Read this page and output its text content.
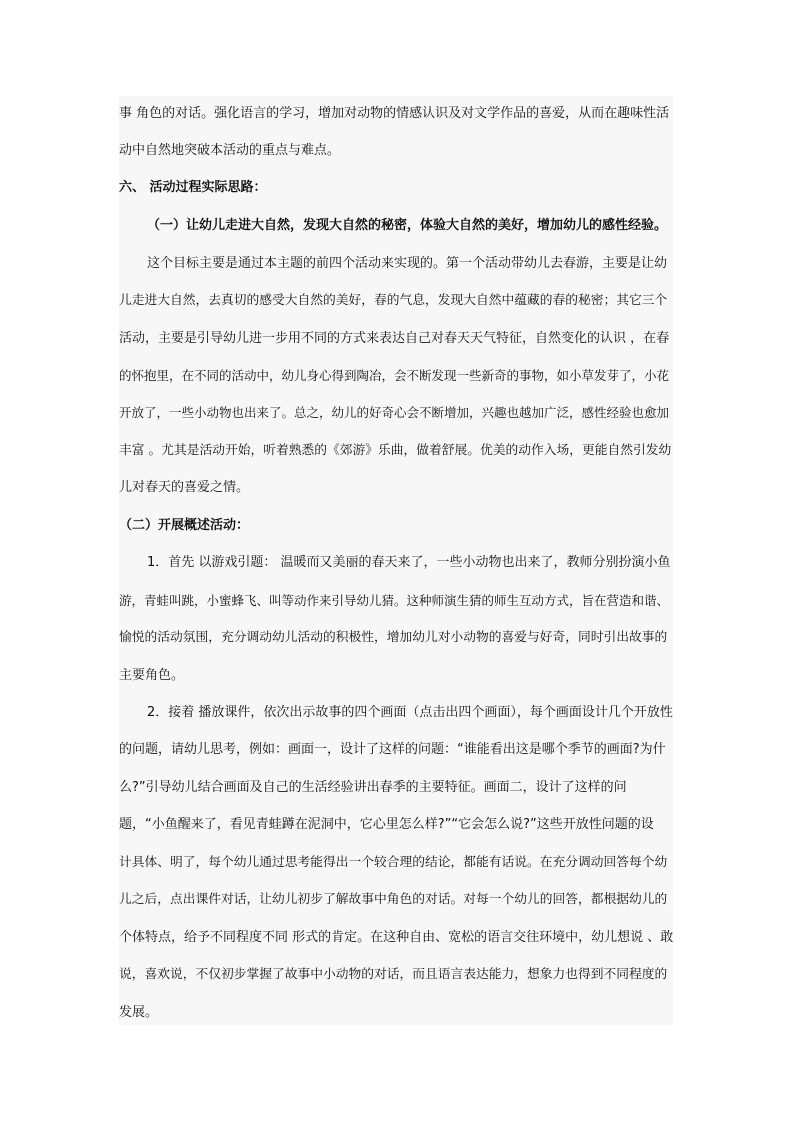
事 角色的对话。强化语言的学习，增加对动物的情感认识及对文学作品的喜爱，从而在趣味性活
动中自然地突破本活动的重点与难点。
六、 活动过程实际思路：
（一）让幼儿走进大自然，发现大自然的秘密，体验大自然的美好，增加幼儿的感性经验。
这个目标主要是通过本主题的前四个活动来实现的。第一个活动带幼儿去春游，主要是让幼
儿走进大自然，去真切的感受大自然的美好，春的气息，发现大自然中蕴藏的春的秘密；其它三个
活动，主要是引导幼儿进一步用不同的方式来表达自己对春天天气特征，自然变化的认识 ，在春
的怀抱里，在不同的活动中，幼儿身心得到陶冶，会不断发现一些新奇的事物，如小草发芽了，小花
开放了，一些小动物也出来了。总之，幼儿的好奇心会不断增加，兴趣也越加广泛，感性经验也愈加
丰富 。尤其是活动开始，听着熟悉的《郊游》乐曲，做着舒展。优美的动作入场，更能自然引发幼
儿对春天的喜爱之情。
（二）开展概述活动：
1．首先 以游戏引题： 温暖而又美丽的春天来了，一些小动物也出来了，教师分别扮演小鱼
游，青蛙叫跳，小蜜蜂飞、叫等动作来引导幼儿猜。这种师演生猜的师生互动方式，旨在营造和谐、
愉悦的活动氛围，充分调动幼儿活动的积极性，增加幼儿对小动物的喜爱与好奇，同时引出故事的
主要角色。
2．接着 播放课件，依次出示故事的四个画面（点击出四个画面），每个画面设计几个开放性
的问题，请幼儿思考，例如：画面一，设计了这样的问题：“谁能看出这是哪个季节的画面?为什
么?”引导幼儿结合画面及自己的生活经验讲出春季的主要特征。画面二，设计了这样的问
题，“小鱼醒来了，看见青蛙蹲在泥洞中，它心里怎么样?”“它会怎么说?”这些开放性问题的设
计具体、明了，每个幼儿通过思考能得出一个较合理的结论，都能有话说。在充分调动回答每个幼
儿之后，点出课件对话，让幼儿初步了解故事中角色的对话。对每一个幼儿的回答，都根据幼儿的
个体特点，给予不同程度不同 形式的肯定。在这种自由、宽松的语言交往环境中，幼儿想说 、敢
说，喜欢说，不仅初步掌握了故事中小动物的对话，而且语言表达能力，想象力也得到不同程度的
发展。
